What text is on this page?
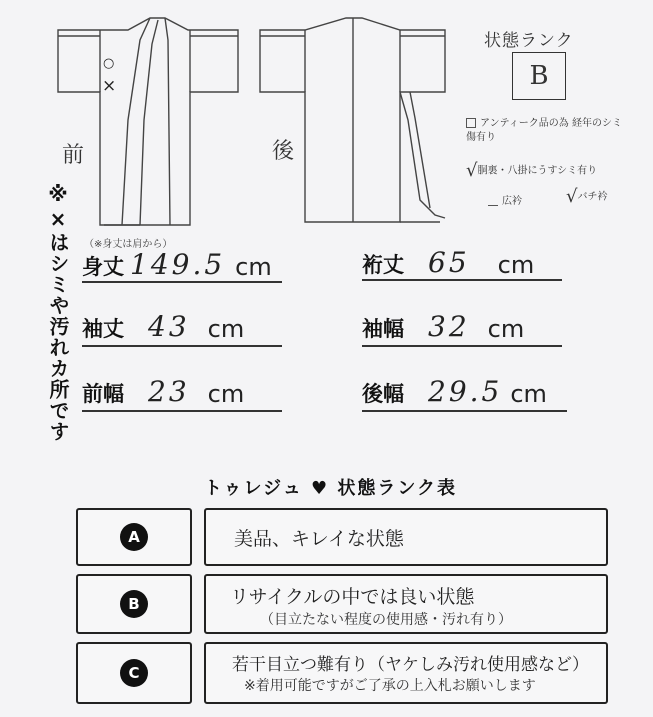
○
×
前	後
状態ランク
B
アンティーク品の為 経年のシミ傷有り
√胴裏・八掛にうすシミ有り
広衿 √バチ衿
※×はシミや汚れカ所です	（※身丈は肩から）
身丈 149.5 cm	裄丈 65 cm
袖丈 43 cm	袖幅 32 cm
前幅 23 cm	後幅 29.5 cm
トゥレジュ ♥ 状態ランク表
A	美品、キレイな状態
B	リサイクルの中では良い状態
（目立たない程度の使用感・汚れ有り）
C	若干目立つ難有り（ヤケしみ汚れ使用感など）
※着用可能ですがご了承の上入札お願いします
